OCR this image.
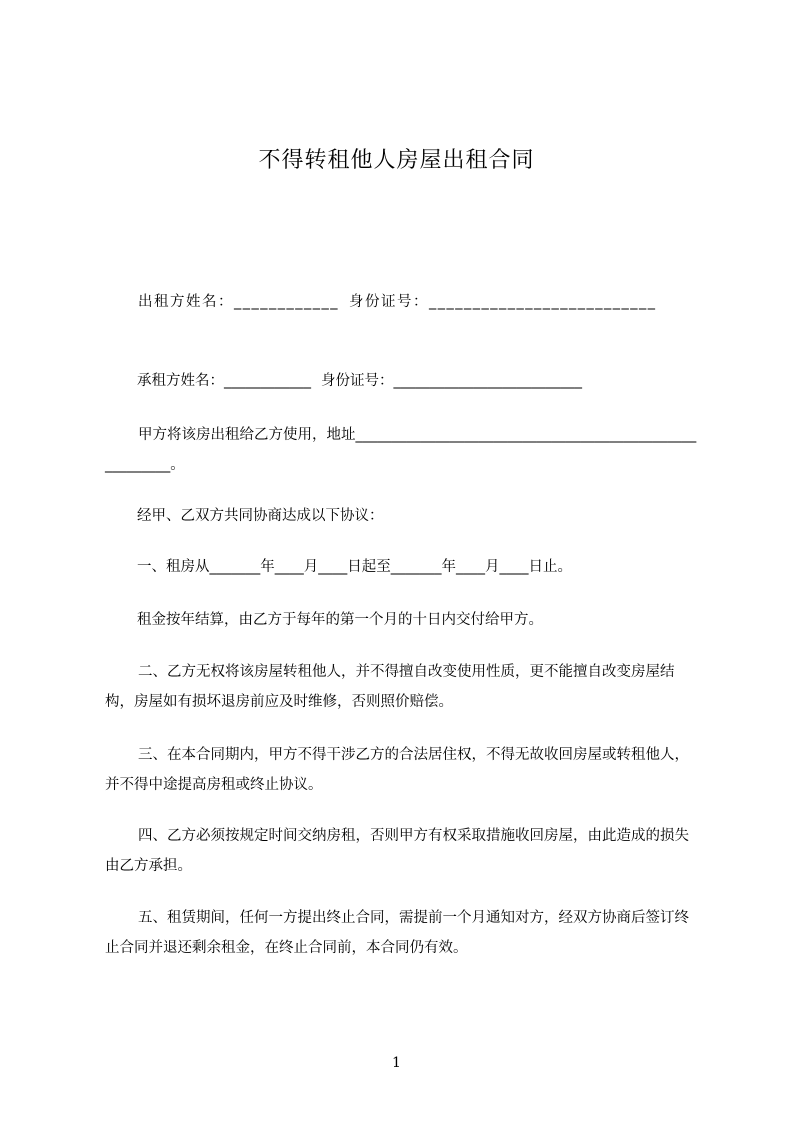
不得转租他人房屋出租合同
出租方姓名：____________ 身份证号：__________________________
承租方姓名：____________ 身份证号：__________________________
甲方将该房出租给乙方使用，地址________________________________________________________。
经甲、乙双方共同协商达成以下协议：
一、租房从_______年____月____日起至_______年____月____日止。
租金按年结算，由乙方于每年的第一个月的十日内交付给甲方。
二、乙方无权将该房屋转租他人，并不得擅自改变使用性质，更不能擅自改变房屋结构，房屋如有损坏退房前应及时维修，否则照价赔偿。
三、在本合同期内，甲方不得干涉乙方的合法居住权，不得无故收回房屋或转租他人，并不得中途提高房租或终止协议。
四、乙方必须按规定时间交纳房租，否则甲方有权采取措施收回房屋，由此造成的损失由乙方承担。
五、租赁期间，任何一方提出终止合同，需提前一个月通知对方，经双方协商后签订终止合同并退还剩余租金，在终止合同前，本合同仍有效。
1
